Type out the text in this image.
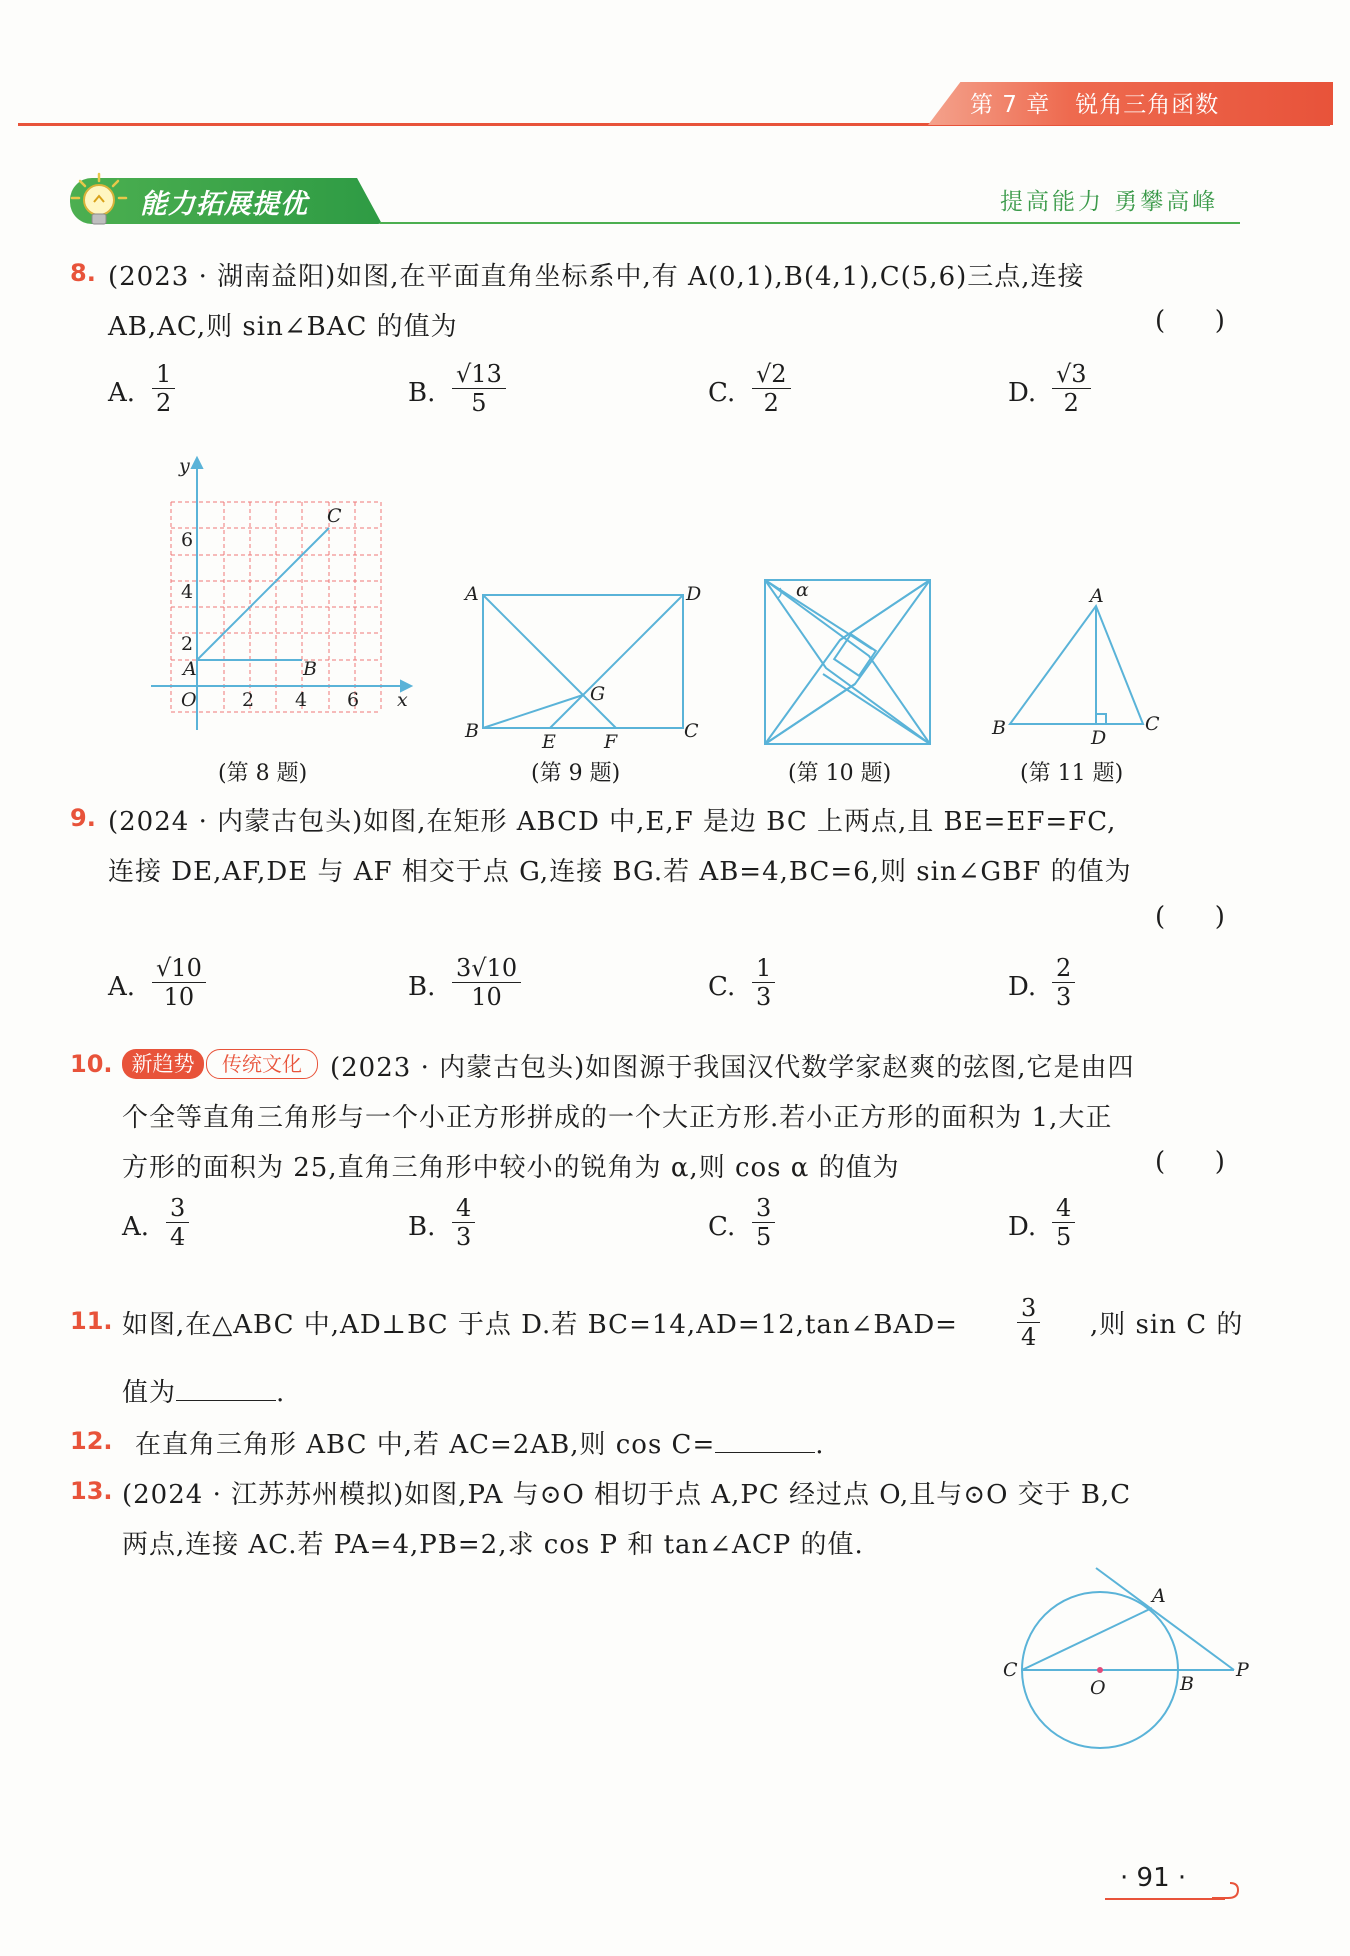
第 7 章   锐角三角函数
能力拓展提优	提高能力 勇攀高峰
8. (2023 · 湖南益阳)如图,在平面直角坐标系中,有 A(0,1),B(4,1),C(5,6)三点,连接
AB,AC,则 sin∠BAC 的值为	(      )
A. $\frac{1}{2}$	B. $\frac{√13}{5}$	C. $\frac{√2}{2}$	D. $\frac{√3}{2}$
y
x
O
A	B
C
2 4 6
2
4
6
(第 8 题)
A	D
B	C
E	F
G
(第 9 题)
α
(第 10 题)
A
B	C
D
(第 11 题)
9. (2024 · 内蒙古包头)如图,在矩形 ABCD 中,E,F 是边 BC 上两点,且 BE=EF=FC,
连接 DE,AF,DE 与 AF 相交于点 G,连接 BG.若 AB=4,BC=6,则 sin∠GBF 的值为
(      )
A. $\frac{√10}{10}$	B. $\frac{3√10}{10}$	C. $\frac{1}{3}$	D. $\frac{2}{3}$
10. 新趋势	传统文化	(2023 · 内蒙古包头)如图源于我国汉代数学家赵爽的弦图,它是由四
个全等直角三角形与一个小正方形拼成的一个大正方形.若小正方形的面积为 1,大正
方形的面积为 25,直角三角形中较小的锐角为 α,则 cos α 的值为	(      )
A. $\frac{3}{4}$	B. $\frac{4}{3}$	C. $\frac{3}{5}$	D. $\frac{4}{5}$
11. 如图,在△ABC 中,AD⊥BC 于点 D.若 BC=14,AD=12,tan∠BAD= $\frac{3}{4}$ ,则 sin C 的
值为	.
12. 在直角三角形 ABC 中,若 AC=2AB,则 cos C=	.
13. (2024 · 江苏苏州模拟)如图,PA 与⊙O 相切于点 A,PC 经过点 O,且与⊙O 交于 B,C
两点,连接 AC.若 PA=4,PB=2,求 cos P 和 tan∠ACP 的值.
A
C
O	B
P
· 91 ·
